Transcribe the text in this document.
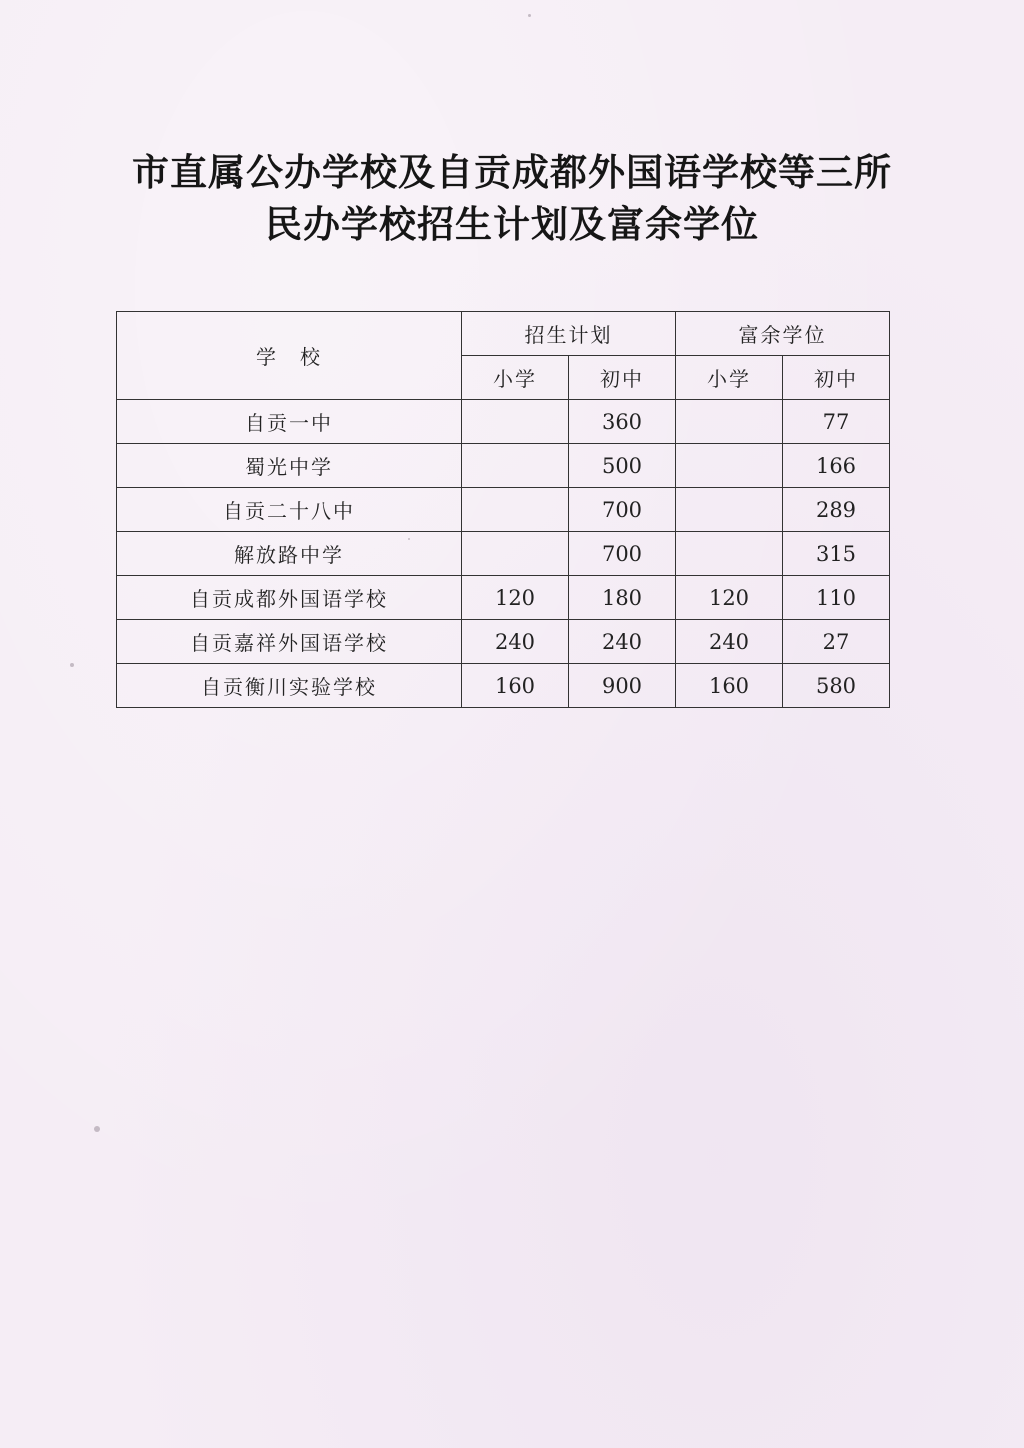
市直属公办学校及自贡成都外国语学校等三所
民办学校招生计划及富余学位
学　校	招生计划		富余学位	
	小学	初中	小学	初中
自贡一中		360		77
蜀光中学		500		166
自贡二十八中		700		289
解放路中学		700		315
自贡成都外国语学校	120	180	120	110
自贡嘉祥外国语学校	240	240	240	27
自贡衡川实验学校	160	900	160	580
